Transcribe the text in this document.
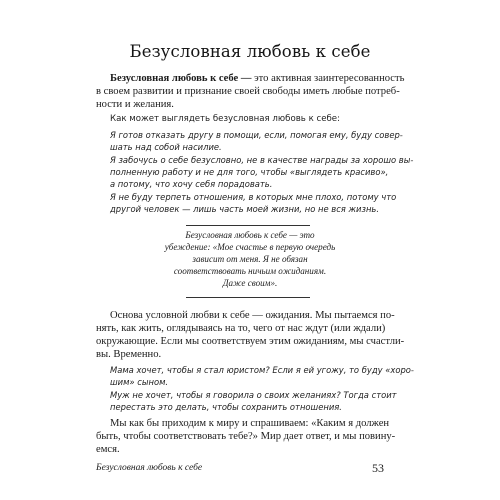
Безусловная любовь к себе
Безусловная любовь к себе — это активная заинтересованность
в своем развитии и признание своей свободы иметь любые потреб-
ности и желания.
Как может выглядеть безусловная любовь к себе:
Я готов отказать другу в помощи, если, помогая ему, буду совер-
шать над собой насилие.
Я забочусь о себе безусловно, не в качестве награды за хорошо вы-
полненную работу и не для того, чтобы «выглядеть красиво»,
а потому, что хочу себя порадовать.
Я не буду терпеть отношения, в которых мне плохо, потому что
другой человек — лишь часть моей жизни, но не вся жизнь.
Безусловная любовь к себе — это
убеждение: «Мое счастье в первую очередь
зависит от меня. Я не обязан
соответствовать ничьим ожиданиям.
Даже своим».
Основа условной любви к себе — ожидания. Мы пытаемся по-
нять, как жить, оглядываясь на то, чего от нас ждут (или ждали)
окружающие. Если мы соответствуем этим ожиданиям, мы счастли-
вы. Временно.
Мама хочет, чтобы я стал юристом? Если я ей угожу, то буду «хоро-
шим» сыном.
Муж не хочет, чтобы я говорила о своих желаниях? Тогда стоит
перестать это делать, чтобы сохранить отношения.
Мы как бы приходим к миру и спрашиваем: «Каким я должен
быть, чтобы соответствовать тебе?» Мир дает ответ, и мы повину-
емся.
Безусловная любовь к себе	53
